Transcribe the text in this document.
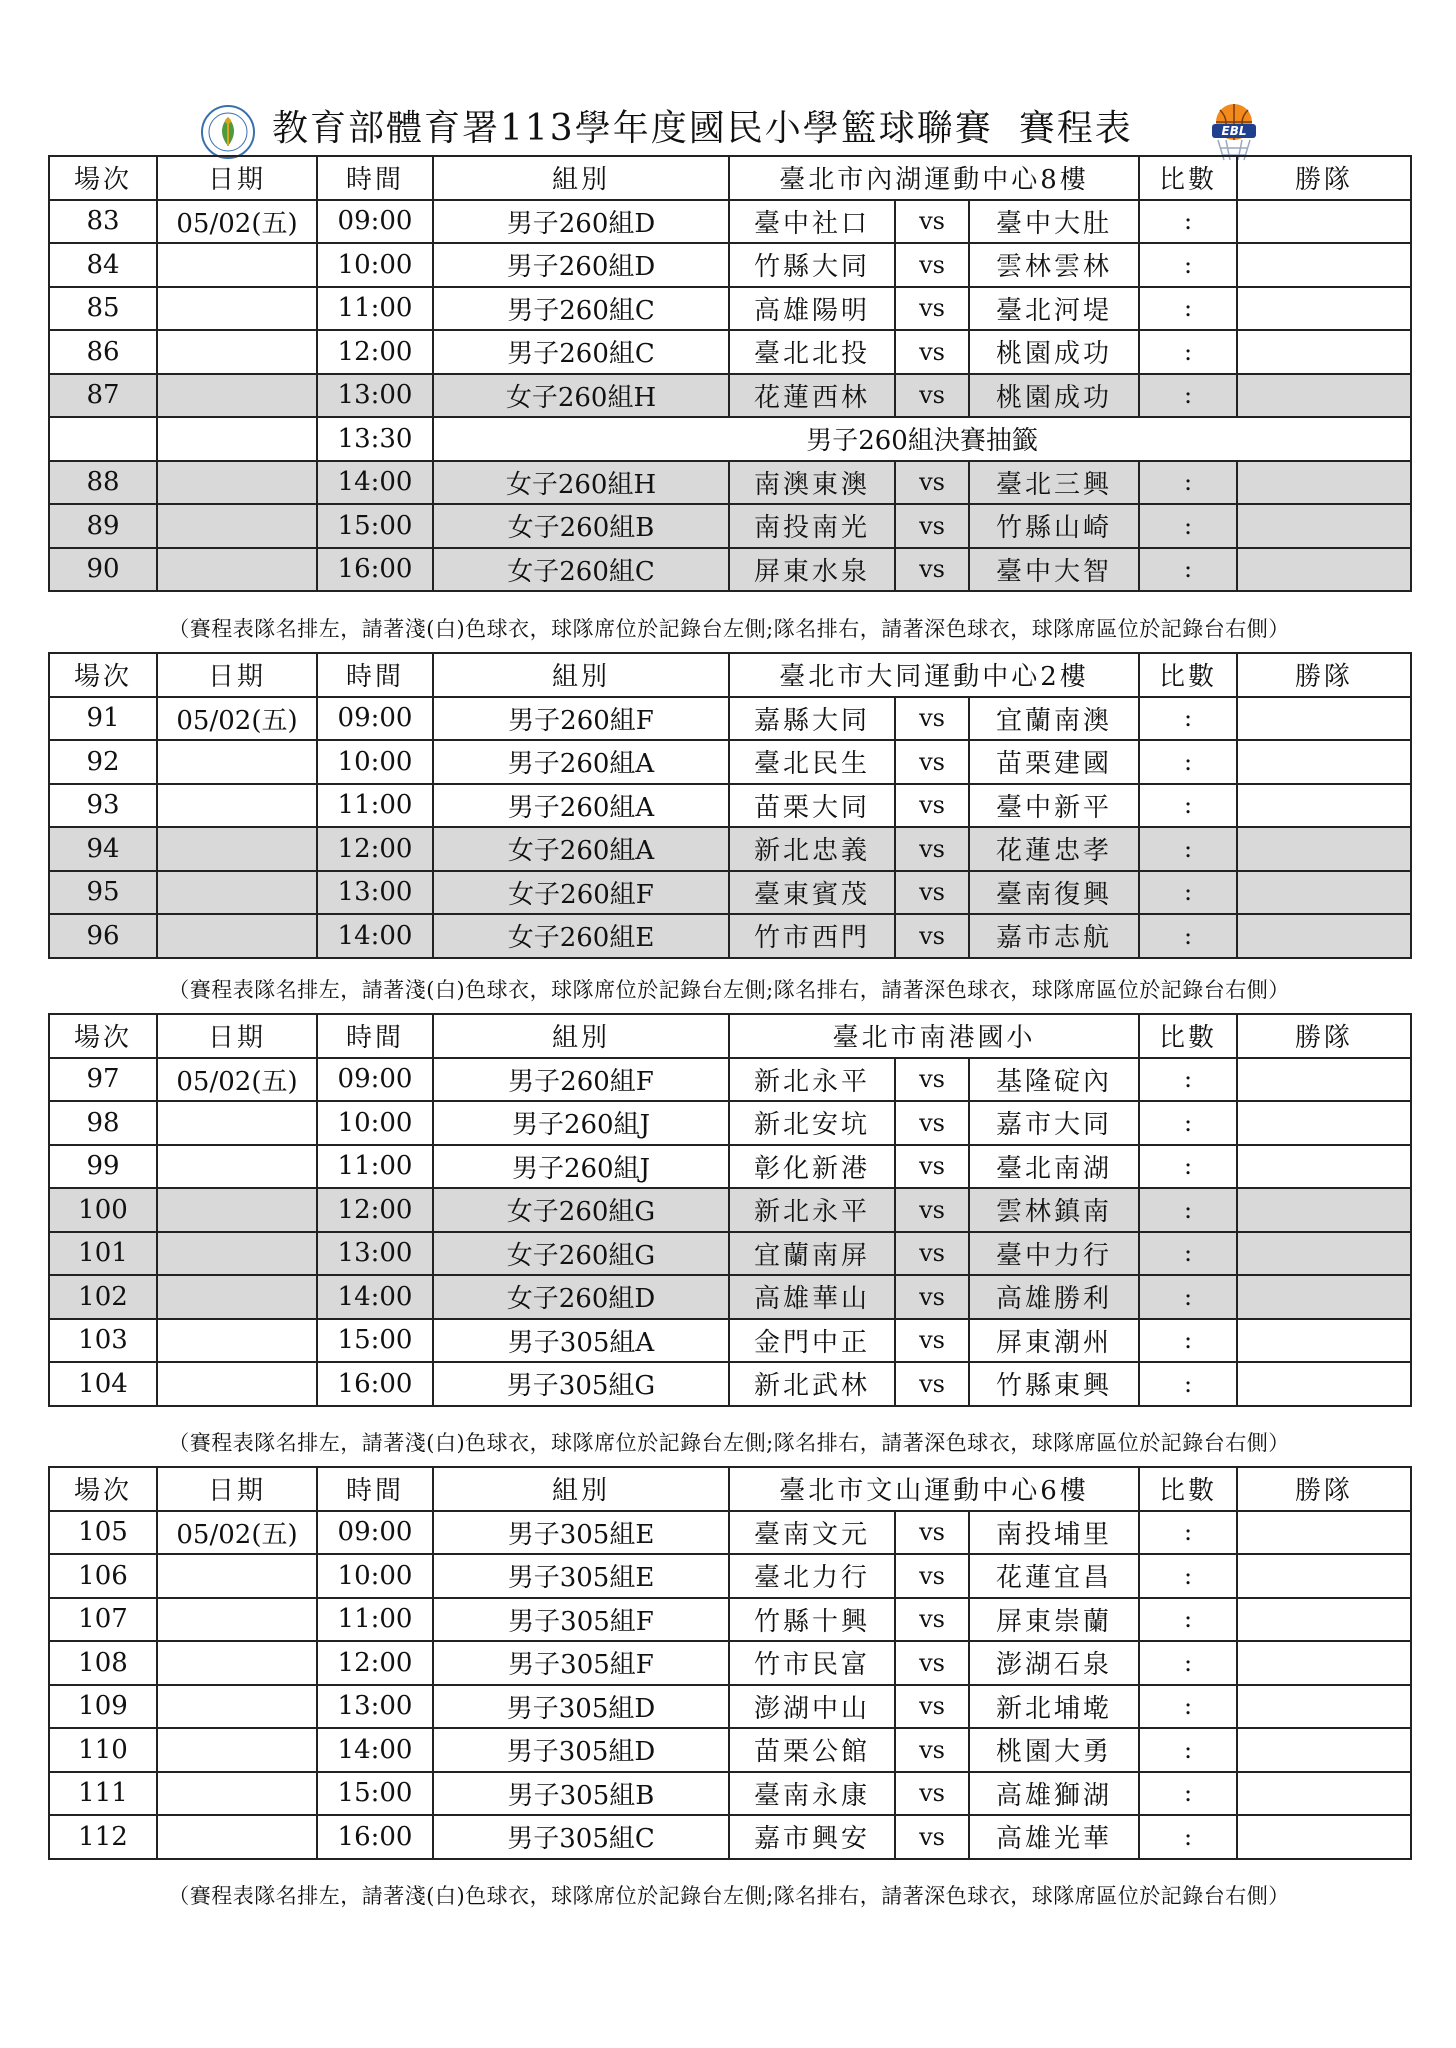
教育部體育署113學年度國民小學籃球聯賽 賽程表	EBL
場次	日期	時間	組別	臺北市內湖運動中心8樓			比數	勝隊
83	05/02(五)	09:00	男子260組D	臺中社口	vs	臺中大肚	:	
84		10:00	男子260組D	竹縣大同	vs	雲林雲林	:	
85		11:00	男子260組C	高雄陽明	vs	臺北河堤	:	
86		12:00	男子260組C	臺北北投	vs	桃園成功	:	
87		13:00	女子260組H	花蓮西林	vs	桃園成功	:	
		13:30	男子260組決賽抽籤					
88		14:00	女子260組H	南澳東澳	vs	臺北三興	:	
89		15:00	女子260組B	南投南光	vs	竹縣山崎	:	
90		16:00	女子260組C	屏東水泉	vs	臺中大智	:	
（賽程表隊名排左，請著淺(白)色球衣，球隊席位於記錄台左側;隊名排右，請著深色球衣，球隊席區位於記錄台右側）
場次	日期	時間	組別	臺北市大同運動中心2樓			比數	勝隊
91	05/02(五)	09:00	男子260組F	嘉縣大同	vs	宜蘭南澳	:	
92		10:00	男子260組A	臺北民生	vs	苗栗建國	:	
93		11:00	男子260組A	苗栗大同	vs	臺中新平	:	
94		12:00	女子260組A	新北忠義	vs	花蓮忠孝	:	
95		13:00	女子260組F	臺東賓茂	vs	臺南復興	:	
96		14:00	女子260組E	竹市西門	vs	嘉市志航	:	
（賽程表隊名排左，請著淺(白)色球衣，球隊席位於記錄台左側;隊名排右，請著深色球衣，球隊席區位於記錄台右側）
場次	日期	時間	組別	臺北市南港國小			比數	勝隊
97	05/02(五)	09:00	男子260組F	新北永平	vs	基隆碇內	:	
98		10:00	男子260組J	新北安坑	vs	嘉市大同	:	
99		11:00	男子260組J	彰化新港	vs	臺北南湖	:	
100		12:00	女子260組G	新北永平	vs	雲林鎮南	:	
101		13:00	女子260組G	宜蘭南屏	vs	臺中力行	:	
102		14:00	女子260組D	高雄華山	vs	高雄勝利	:	
103		15:00	男子305組A	金門中正	vs	屏東潮州	:	
104		16:00	男子305組G	新北武林	vs	竹縣東興	:	
（賽程表隊名排左，請著淺(白)色球衣，球隊席位於記錄台左側;隊名排右，請著深色球衣，球隊席區位於記錄台右側）
場次	日期	時間	組別	臺北市文山運動中心6樓			比數	勝隊
105	05/02(五)	09:00	男子305組E	臺南文元	vs	南投埔里	:	
106		10:00	男子305組E	臺北力行	vs	花蓮宜昌	:	
107		11:00	男子305組F	竹縣十興	vs	屏東崇蘭	:	
108		12:00	男子305組F	竹市民富	vs	澎湖石泉	:	
109		13:00	男子305組D	澎湖中山	vs	新北埔墘	:	
110		14:00	男子305組D	苗栗公館	vs	桃園大勇	:	
111		15:00	男子305組B	臺南永康	vs	高雄獅湖	:	
112		16:00	男子305組C	嘉市興安	vs	高雄光華	:	
（賽程表隊名排左，請著淺(白)色球衣，球隊席位於記錄台左側;隊名排右，請著深色球衣，球隊席區位於記錄台右側）
